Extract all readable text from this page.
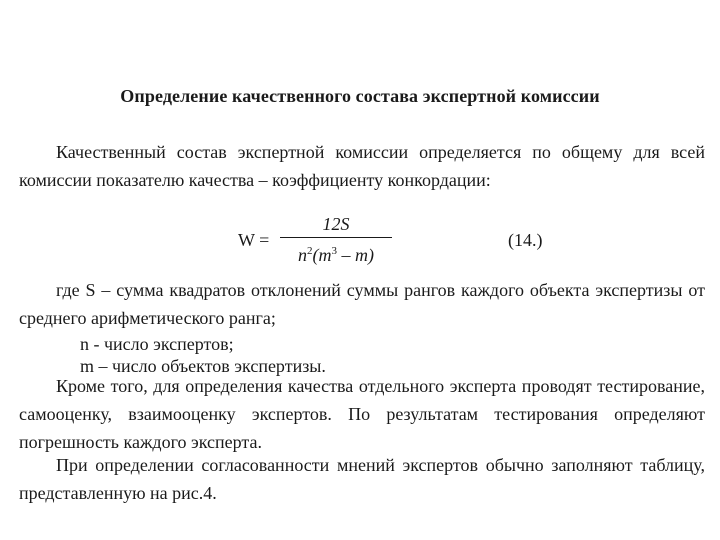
Определение качественного состава экспертной комиссии
Качественный состав экспертной комиссии определяется по общему для всей комиссии показателю качества – коэффициенту конкордации:
W =
12S
$n^2(m^3 - m)$
(14.)
где S – сумма квадратов отклонений суммы рангов каждого объекта экспертизы от среднего арифметического ранга;
n - число экспертов;
m – число объектов экспертизы.
Кроме того, для определения качества отдельного эксперта проводят тестирование, самооценку, взаимооценку экспертов. По результатам тестирования определяют погрешность каждого эксперта.
При определении согласованности мнений экспертов обычно заполняют таблицу, представленную на рис.4.
